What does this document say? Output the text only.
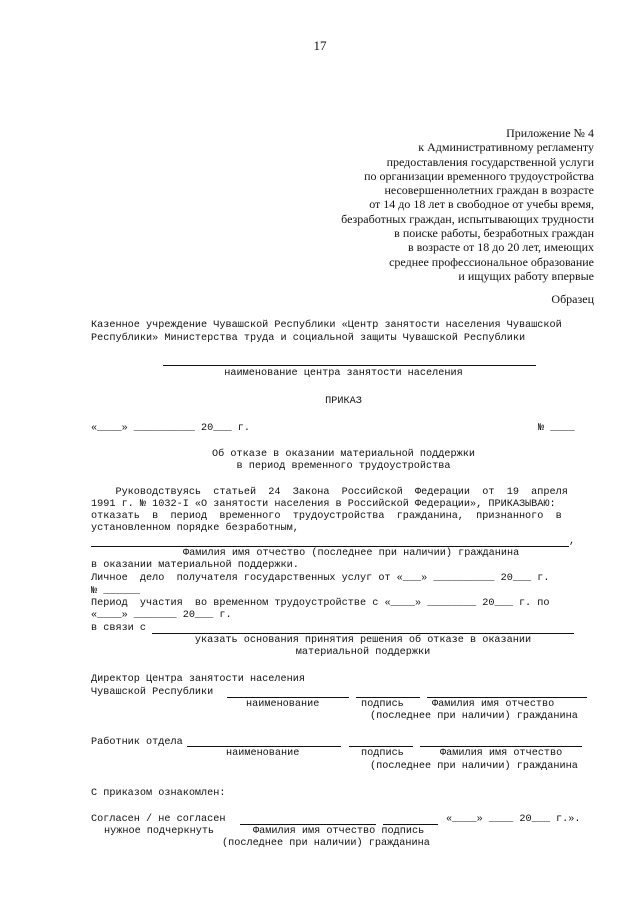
17
Приложение № 4
к Административному регламенту
предоставления государственной услуги
по организации временного трудоустройства
несовершеннолетних граждан в возрасте
от 14 до 18 лет в свободное от учебы время,
безработных граждан, испытывающих трудности
в поиске работы, безработных граждан
в возрасте от 18 до 20 лет, имеющих
среднее профессиональное образование
и ищущих работу впервые
Образец
Казенное учреждение Чувашской Республики «Центр занятости населения Чувашской
Республики» Министерства труда и социальной защиты Чувашской Республики
наименование центра занятости населения
ПРИКАЗ
«____» __________ 20___ г.	№ ____
Об отказе в оказании материальной поддержки
в период временного трудоустройства
Руководствуясь  статьей  24  Закона  Российской  Федерации  от  19  апреля
1991 г. № 1032-I «О занятости населения в Российской Федерации», ПРИКАЗЫВАЮ:
отказать  в  период  временного  трудоустройства  гражданина,  признанного  в
установленном порядке безработным,
,
Фамилия имя отчество (последнее при наличии) гражданина
в оказании материальной поддержки.
Личное  дело  получателя государственных услуг от «___» __________ 20___ г.
№ ______
Период  участия  во временном трудоустройстве с «____» ________ 20___ г. по
«____» _______ 20___ г.
в связи с
указать основания принятия решения об отказе в оказании
материальной поддержки
Директор Центра занятости населения
Чувашской Республики
наименование	подпись	Фамилия имя отчество
(последнее при наличии) гражданина
Работник отдела
наименование	подпись	Фамилия имя отчество
(последнее при наличии) гражданина
С приказом ознакомлен:
Согласен / не согласен	«____» ____ 20___ г.».
нужное подчеркнуть	Фамилия имя отчество подпись
(последнее при наличии) гражданина
